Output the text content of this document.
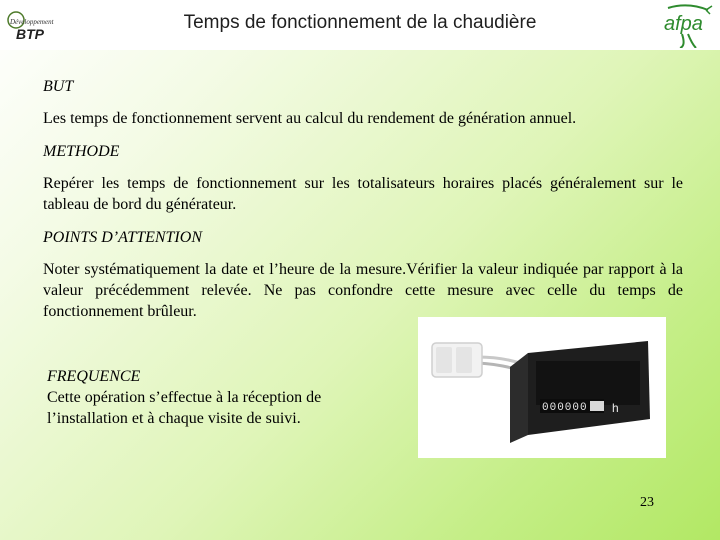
Développement
BTP
Temps de fonctionnement de la chaudière	afpa
BUT
Les temps de fonctionnement servent au calcul du rendement de génération annuel.
METHODE
Repérer les temps de fonctionnement sur les totalisateurs horaires placés généralement sur le tableau de bord du générateur.
POINTS D’ATTENTION
Noter systématiquement la date et l’heure de la mesure.Vérifier la valeur indiquée par rapport à la valeur précédemment relevée. Ne pas confondre cette mesure avec celle du temps de fonctionnement brûleur.
000000 h
FREQUENCE
Cette opération s’effectue à la réception de
l’installation et à chaque visite de suivi.
23
